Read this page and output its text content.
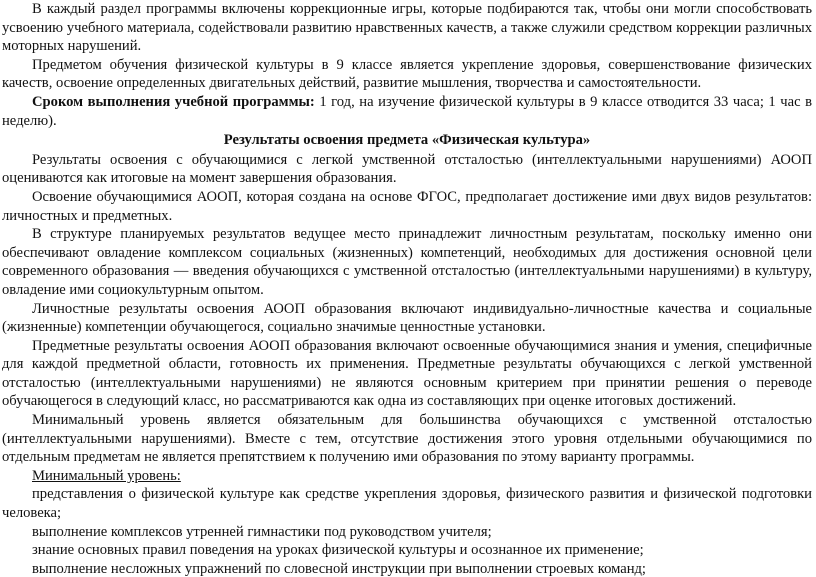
В каждый раздел программы включены коррекционные игры, которые подбираются так, чтобы они могли способствовать усвоению учебного материала, содействовали развитию нравственных качеств, а также служили средством коррекции различных моторных нарушений.

Предметом обучения физической культуры в 9 классе является укрепление здоровья, совершенствование физических качеств, освоение определенных двигательных действий, развитие мышления, творчества и самостоятельности.

Сроком выполнения учебной программы: 1 год, на изучение физической культуры в 9 классе отводится 33 часа; 1 час в неделю).

Результаты освоения предмета «Физическая культура»

Результаты освоения с обучающимися с легкой умственной отсталостью (интеллектуальными нарушениями) АООП оцениваются как итоговые на момент завершения образования.

Освоение обучающимися АООП, которая создана на основе ФГОС, предполагает достижение ими двух видов результатов: личностных и предметных.

В структуре планируемых результатов ведущее место принадлежит личностным результатам, поскольку именно они обеспечивают овладение комплексом социальных (жизненных) компетенций, необходимых для достижения основной цели современного образования — введения обучающихся с умственной отсталостью (интеллектуальными нарушениями) в культуру, овладение ими социокультурным опытом.

Личностные результаты освоения АООП образования включают индивидуально-личностные качества и социальные (жизненные) компетенции обучающегося, социально значимые ценностные установки.

Предметные результаты освоения АООП образования включают освоенные обучающимися знания и умения, специфичные для каждой предметной области, готовность их применения. Предметные результаты обучающихся с легкой умственной отсталостью (интеллектуальными нарушениями) не являются основным критерием при принятии решения о переводе обучающегося в следующий класс, но рассматриваются как одна из составляющих при оценке итоговых достижений.

Минимальный уровень является обязательным для большинства обучающихся с умственной отсталостью (интеллектуальными нарушениями). Вместе с тем, отсутствие достижения этого уровня отдельными обучающимися по отдельным предметам не является препятствием к получению ими образования по этому варианту программы.

Минимальный уровень:

представления о физической культуре как средстве укрепления здоровья, физического развития и физической подготовки человека;

выполнение комплексов утренней гимнастики под руководством учителя;

знание основных правил поведения на уроках физической культуры и осознанное их применение;

выполнение несложных упражнений по словесной инструкции при выполнении строевых команд;
